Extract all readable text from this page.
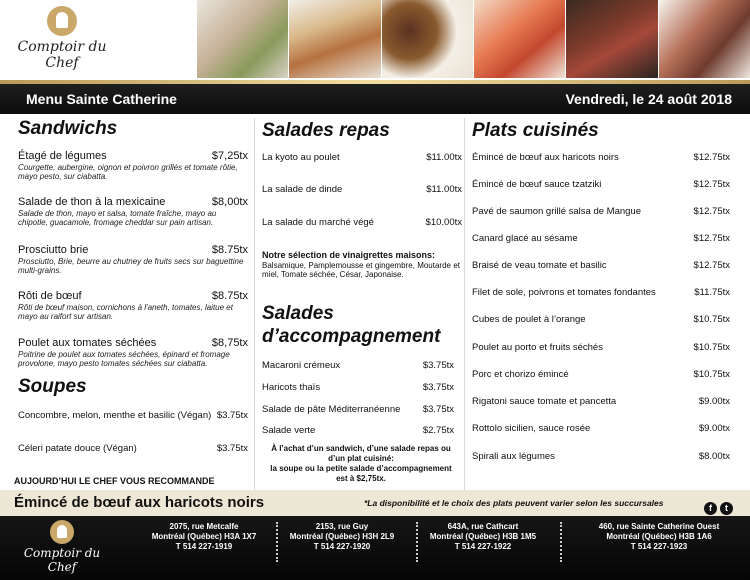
Comptoir du Chef
Menu Sainte Catherine	Vendredi, le 24 août 2018
Sandwichs
Étagé de légumes	$7,25tx
Courgette, aubergine, oignon et poivron grillés et tomate rôtie, mayo pesto, sur ciabatta.
Salade de thon à la mexicaine	$8,00tx
Salade de thon, mayo et salsa, tomate fraîche, mayo au chipotle, guacamole, fromage cheddar sur pain artisan.
Prosciutto brie	$8.75tx
Prosciutto, Brie, beurre au chutney de fruits secs sur baguettine multi-grains.
Rôti de bœuf	$8.75tx
Rôti de bœuf maison, cornichons à l'aneth, tomates, laitue et mayo au raifort sur artisan.
Poulet aux tomates séchées	$8,75tx
Poitrine de poulet aux tomates séchées, épinard et fromage provolone, mayo pesto tomates séchées sur ciabatta.
Soupes
Concombre, melon, menthe et basilic (Végan) $3.75tx
Céleri patate douce (Végan)	$3.75tx
Salades repas
La kyoto au poulet	$11.00tx
La salade de dinde	$11.00tx
La salade du marché végé	$10.00tx
Notre sélection de vinaigrettes maisons:
Balsamique, Pamplemousse et gingembre, Moutarde et miel, Tomate séchée, César, Japonaise.
Salades
d’accompagnement
Macaroni crémeux	$3.75tx
Haricots thaïs	$3.75tx
Salade de pâte Méditerranéenne $3.75tx
Salade verte	$2.75tx
À l’achat d’un sandwich, d’une salade repas ou
d’un plat cuisiné:
la soupe ou la petite salade d’accompagnement
est à $2,75tx.
Plats cuisinés
Émincé de bœuf aux haricots noirs	$12.75tx
Émincé de bœuf sauce tzatziki	$12.75tx
Pavé de saumon grillé salsa de Mangue	$12.75tx
Canard glacé au sésame	$12.75tx
Braisé de veau tomate et basilic	$12.75tx
Filet de sole, poivrons et tomates fondantes	$11.75tx
Cubes de poulet à l’orange	$10.75tx
Poulet au porto et fruits séchés	$10.75tx
Porc et chorizo émincé	$10.75tx
Rigatoni sauce tomate et pancetta	$9.00tx
Rottolo sicilien, sauce rosée	$9.00tx
Spirali aux légumes	$8.00tx
AUJOURD’HUI LE CHEF VOUS RECOMMANDE
Émincé de bœuf aux haricots noirs	*La disponibilité et le choix des plats peuvent varier selon les succursales	f	t
Comptoir du Chef
2075, rue Metcalfe
Montréal (Québec) H3A 1X7
T 514 227-1919
2153, rue Guy
Montréal (Québec) H3H 2L9
T 514 227-1920
643A, rue Cathcart
Montréal (Québec) H3B 1M5
T 514 227-1922
460, rue Sainte Catherine Ouest
Montréal (Québec) H3B 1A6
T 514 227-1923
